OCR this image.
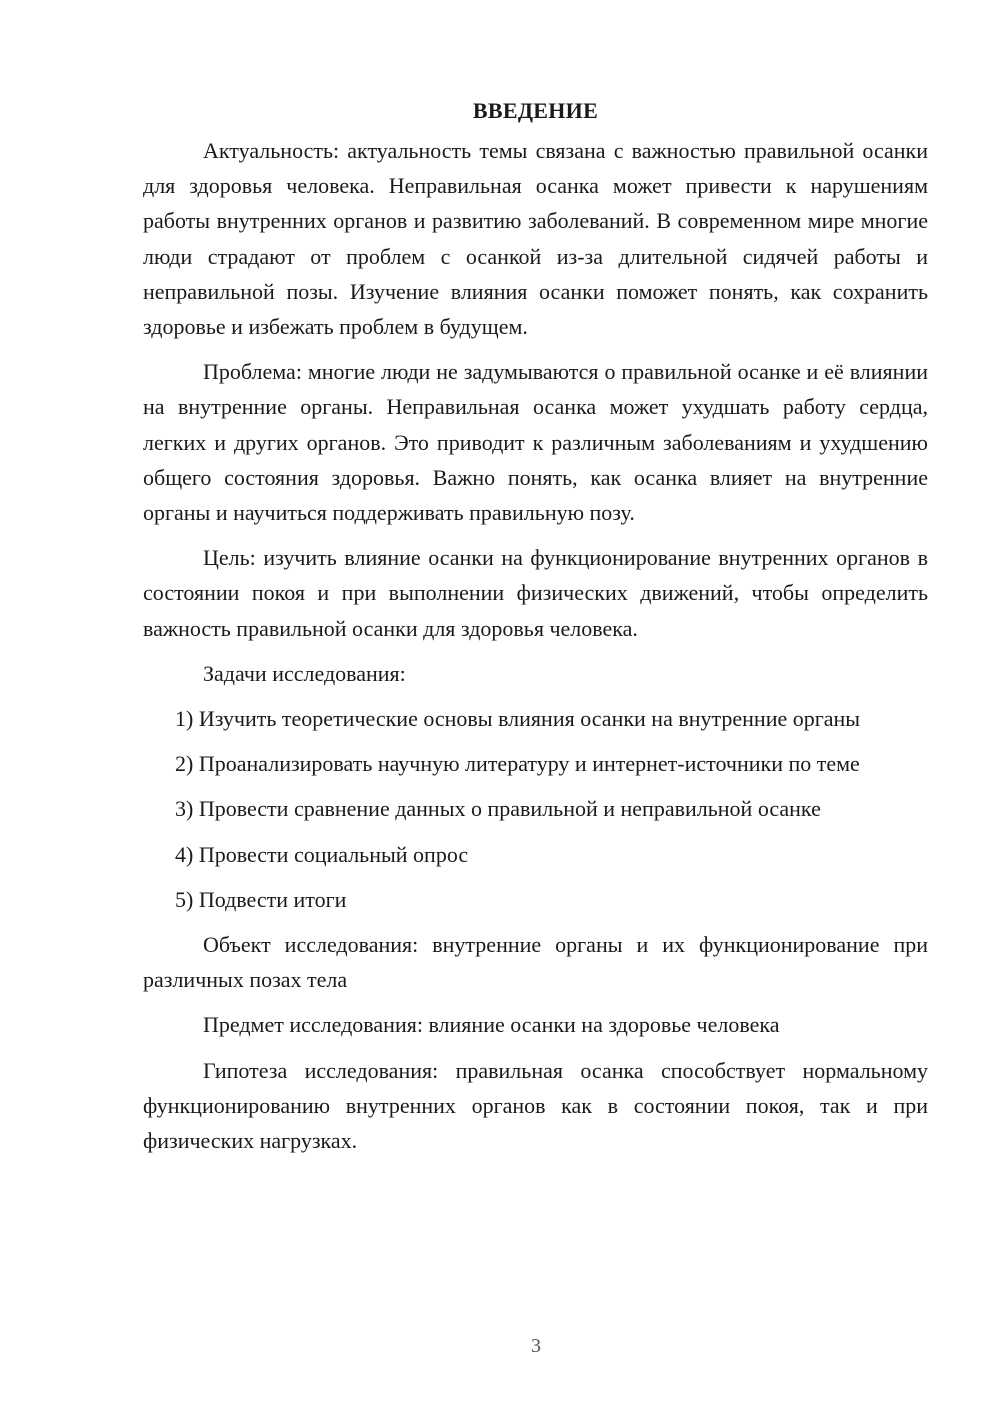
ВВЕДЕНИЕ

Актуальность: актуальность темы связана с важностью правильной осанки для здоровья человека. Неправильная осанка может привести к нарушениям работы внутренних органов и развитию заболеваний. В современном мире многие люди страдают от проблем с осанкой из-за длительной сидячей работы и неправильной позы. Изучение влияния осанки поможет понять, как сохранить здоровье и избежать проблем в будущем.

Проблема: многие люди не задумываются о правильной осанке и её влиянии на внутренние органы. Неправильная осанка может ухудшать работу сердца, легких и других органов. Это приводит к различным заболеваниям и ухудшению общего состояния здоровья. Важно понять, как осанка влияет на внутренние органы и научиться поддерживать правильную позу.

Цель: изучить влияние осанки на функционирование внутренних органов в состоянии покоя и при выполнении физических движений, чтобы определить важность правильной осанки для здоровья человека.

Задачи исследования:

1) Изучить теоретические основы влияния осанки на внутренние органы

2) Проанализировать научную литературу и интернет-источники по теме

3) Провести сравнение данных о правильной и неправильной осанке

4) Провести социальный опрос

5) Подвести итоги

Объект исследования: внутренние органы и их функционирование при различных позах тела

Предмет исследования: влияние осанки на здоровье человека

Гипотеза исследования: правильная осанка способствует нормальному функционированию внутренних органов как в состоянии покоя, так и при физических нагрузках.

3
